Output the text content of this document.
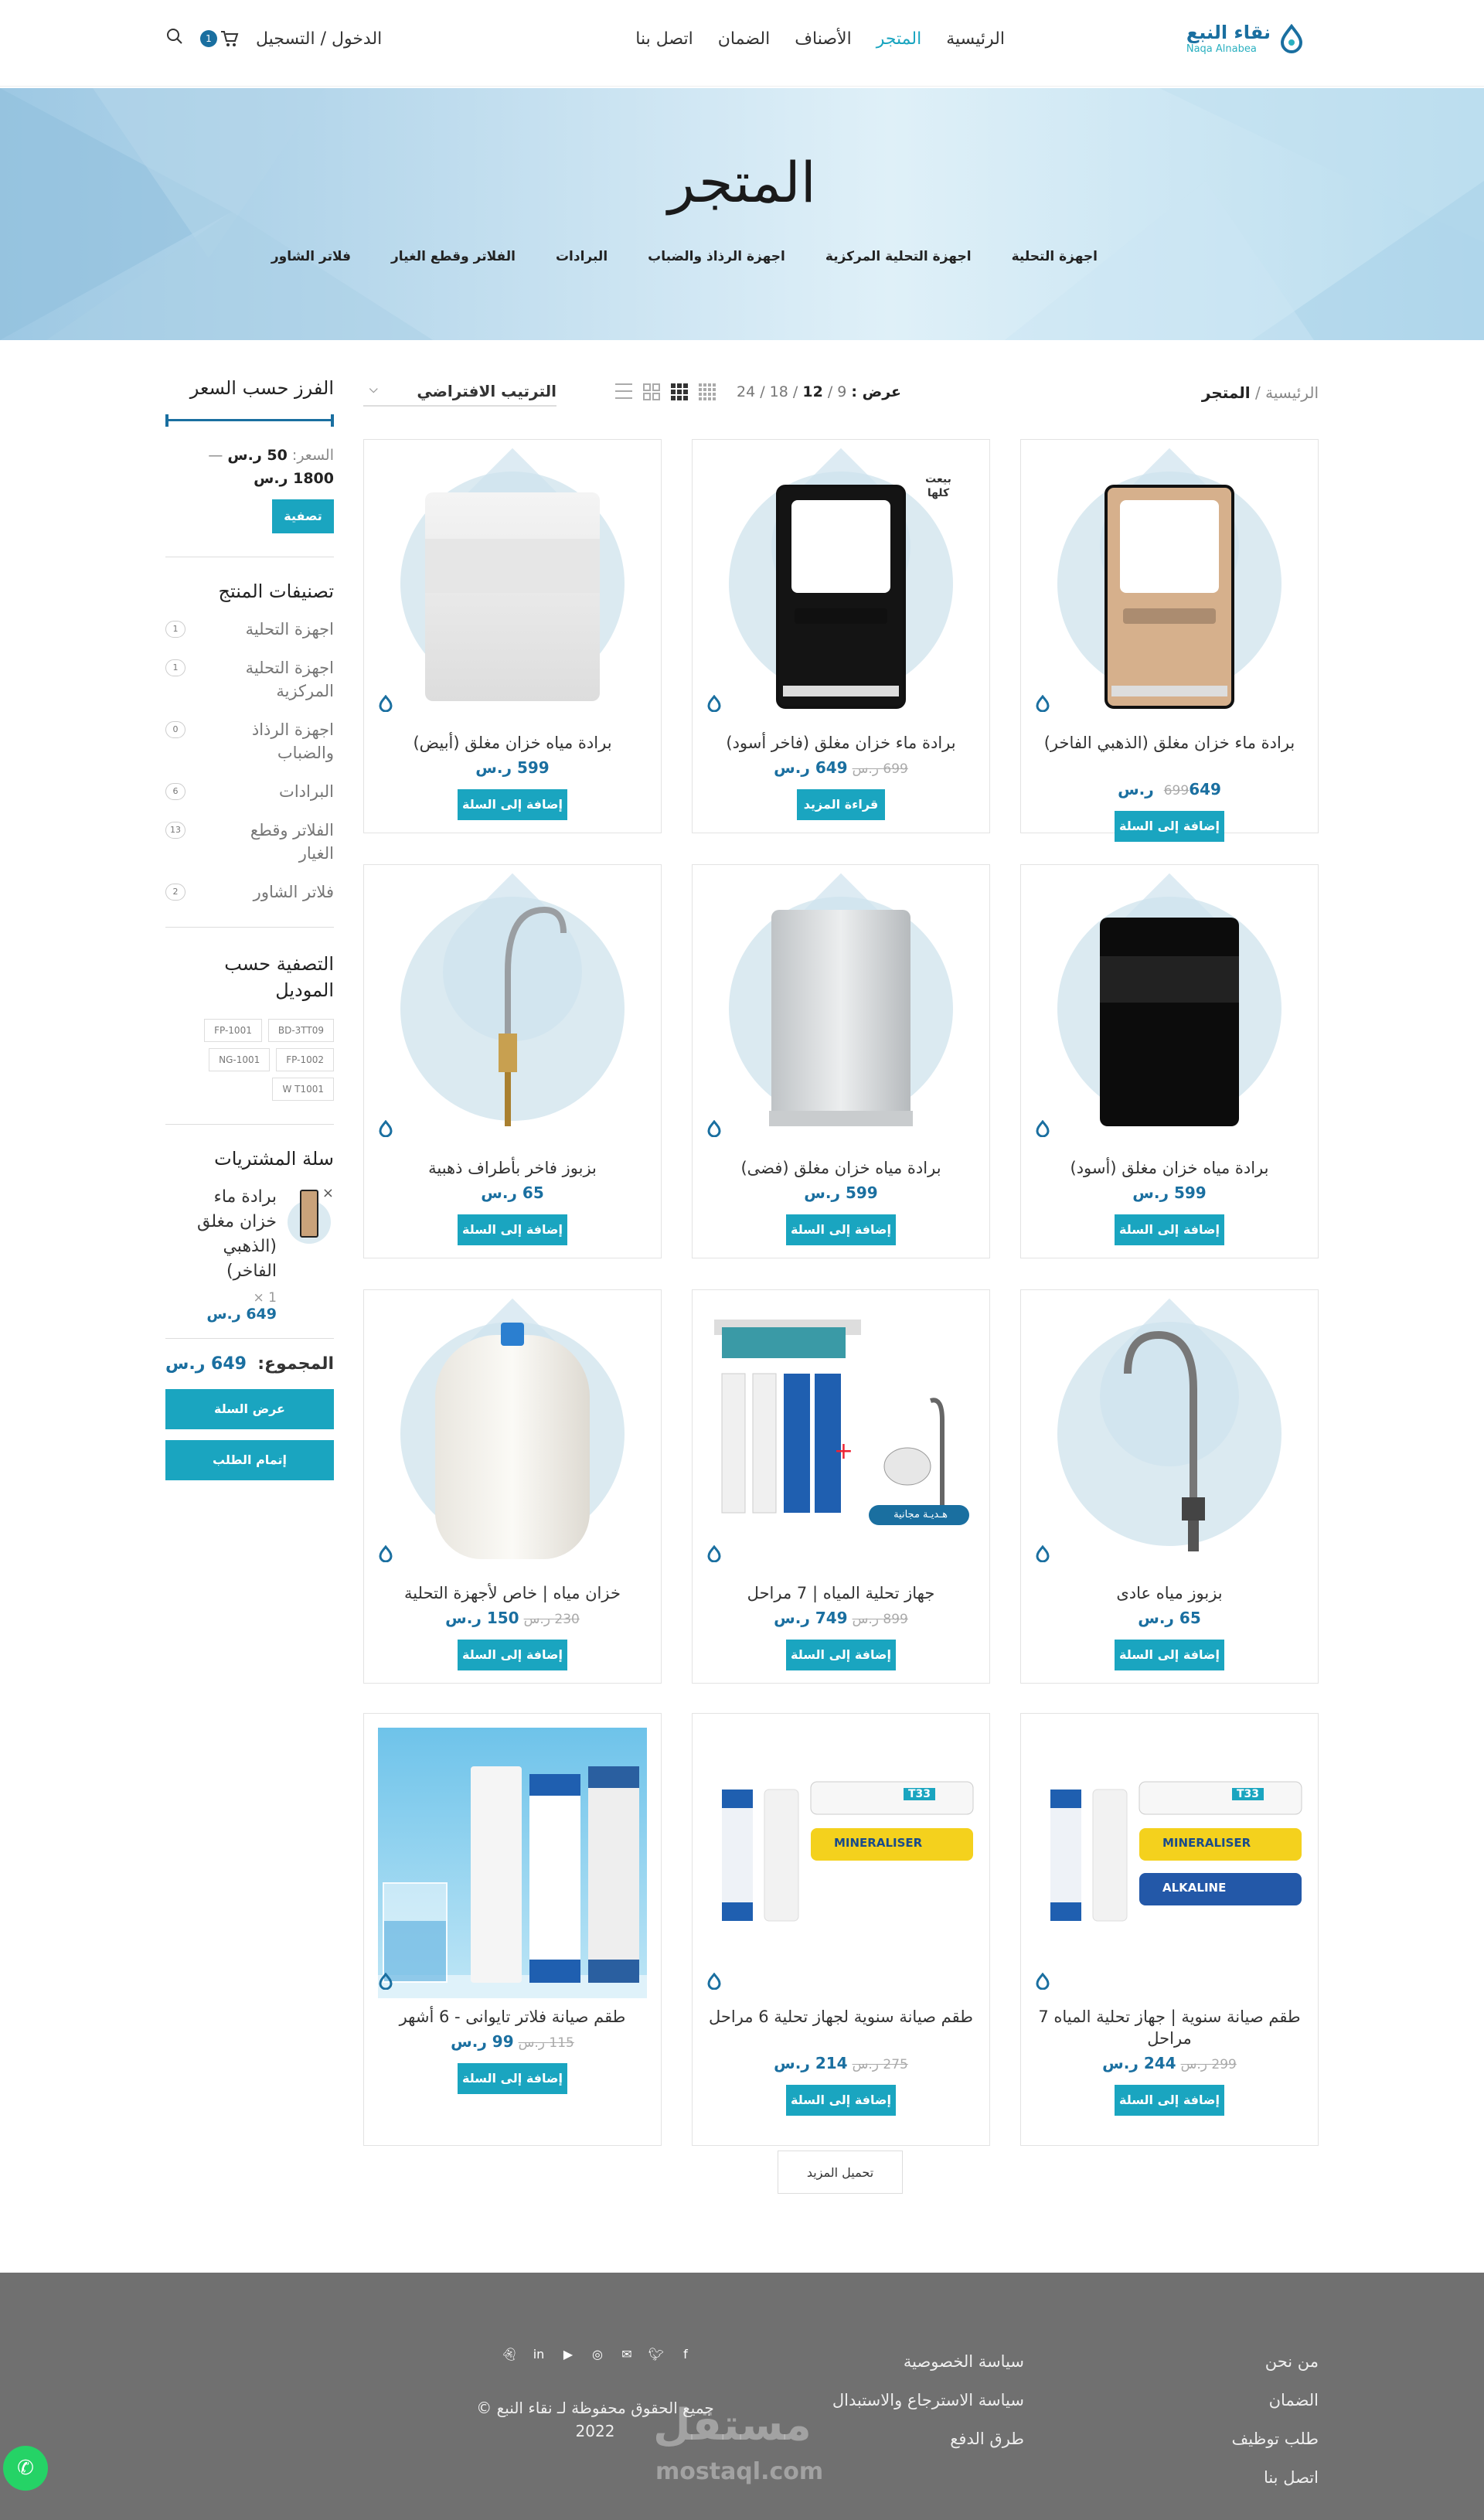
نقاء النبع
Naqa Alnabea
الرئيسية
المتجر
الأصناف
الضمان
اتصل بنا
الدخول / التسجيل
1
المتجر
اجهزة التحلية
اجهزة التحلية المركزية
اجهزة الرذاذ والضباب
البرادات
الفلاتر وقطع الغيار
فلاتر الشاور
الرئيسية / المتجر
عرض : 9 / 12 / 18 / 24
الترتيب الافتراضي
⌵
الفرز حسب السعر
السعر: 50 ر.س —
1800 ر.س
تصفية
تصنيفات المنتج
اجهزة التحلية
1
اجهزة التحلية المركزية
1
اجهزة الرذاذ والضباب
0
البرادات
6
الفلاتر وقطع الغيار
13
فلاتر الشاور
2
التصفية حسب الموديل
BD-3TT09
FP-1001
FP-1002
NG-1001
W T1001
سلة المشتريات
برادة ماء خزان مغلق (الذهبي الفاخر)
1 ×
649 ر.س
×
المجموع:
649 ر.س
عرض السلة
إتمام الطلب
برادة ماء خزان مغلق (الذهبي الفاخر)
699649 ر.س
إضافة إلى السلة
بيعت كلها
برادة ماء خزان مغلق (فاخر أسود)
699 ر.س649 ر.س
قراءة المزيد
برادة مياه خزان مغلق (أبيض)
599 ر.س
إضافة إلى السلة
برادة مياه خزان مغلق (أسود)
599 ر.س
إضافة إلى السلة
برادة مياه خزان مغلق (فضى)
599 ر.س
إضافة إلى السلة
بزبوز فاخر بأطراف ذهبية
65 ر.س
إضافة إلى السلة
بزبوز مياه عادى
65 ر.س
إضافة إلى السلة
+
هـديـة مجانية
جهاز تحلية المياه | 7 مراحل
899 ر.س749 ر.س
إضافة إلى السلة
خزان مياه | خاص لأجهزة التحلية
230 ر.س150 ر.س
إضافة إلى السلة
T33
MINERALISER
ALKALINE
طقم صيانة سنوية | جهاز تحلية المياه 7 مراحل
299 ر.س244 ر.س
إضافة إلى السلة
T33
MINERALISER
طقم صيانة سنوية لجهاز تحلية 6 مراحل
275 ر.س214 ر.س
إضافة إلى السلة
طقم صيانة فلاتر تايوانى - 6 أشهر
115 ر.س99 ر.س
إضافة إلى السلة
تحميل المزيد
من نحن
الضمان
طلب توظيف
اتصل بنا
سياسة الخصوصية
سياسة الاسترجاع والاستبدال
طرق الدفع
f
🐦︎
✉
◎
▶
in
👻︎
جميع الحقوق محفوظة لـ نقاء النبع © 2022 مستقل
mostaql.com
✆
